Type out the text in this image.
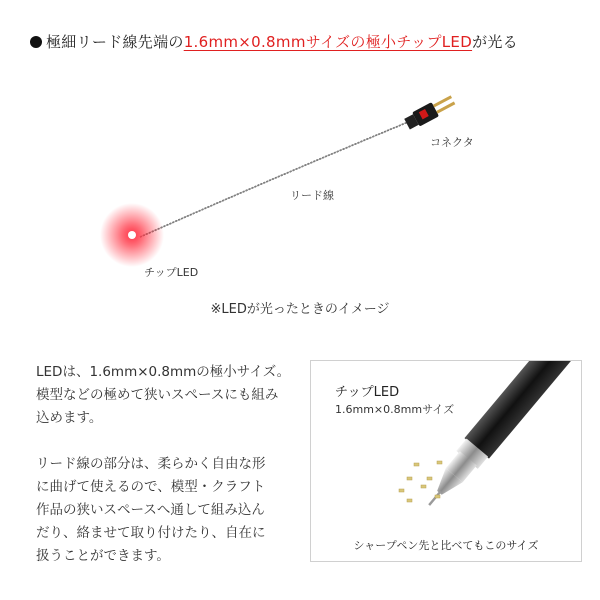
極細リード線先端の1.6mm×0.8mmサイズの極小チップLEDが光る
コネクタ
リード線
チップLED
※LEDが光ったときのイメージ

LEDは、1.6mm×0.8mmの極小サイズ。
模型などの極めて狭いスペースにも組み
込めます。

リード線の部分は、柔らかく自由な形
に曲げて使えるので、模型・クラフト
作品の狭いスペースへ通して組み込ん
だり、絡ませて取り付けたり、自在に
扱うことができます。

チップLED
1.6mm×0.8mmサイズ
シャープペン先と比べてもこのサイズ
